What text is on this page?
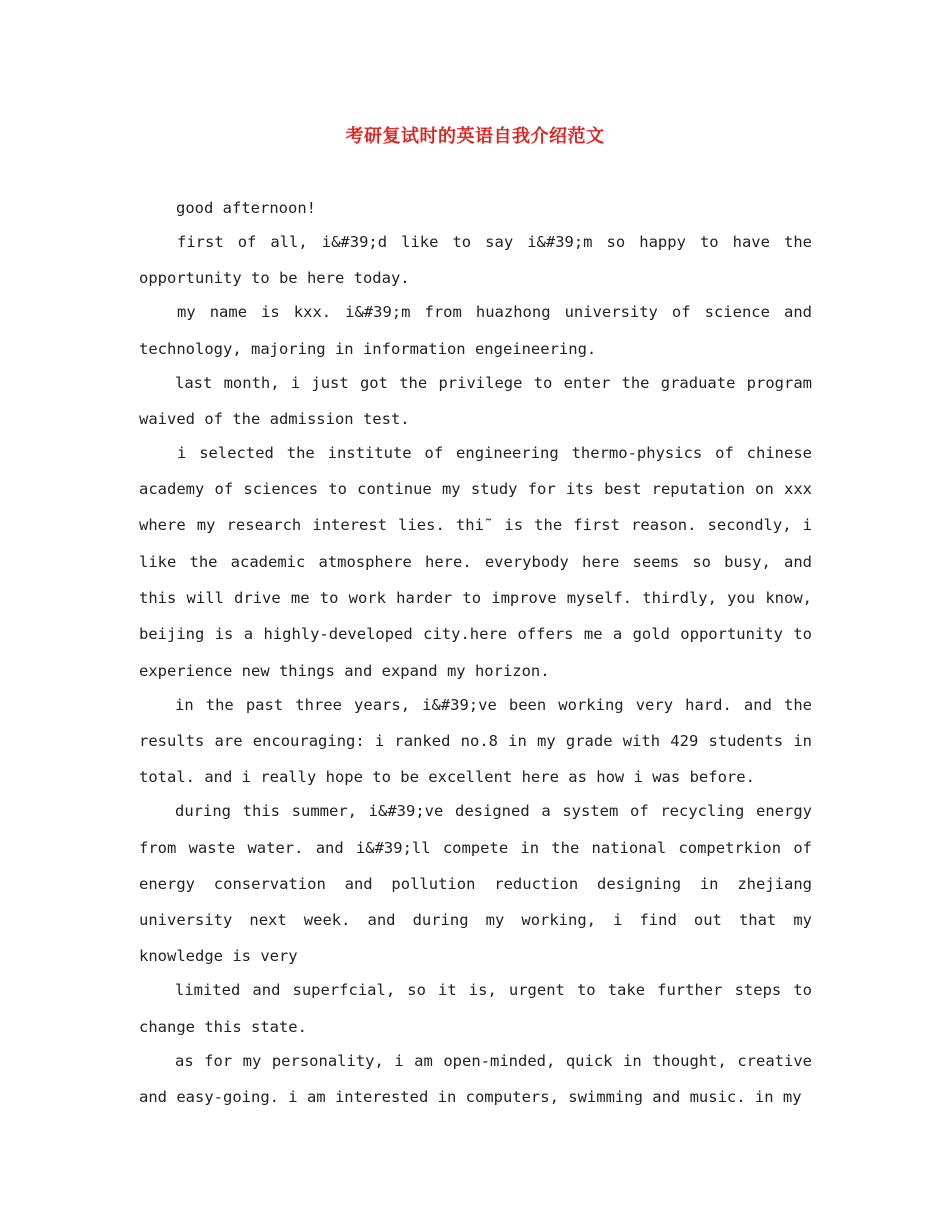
考研复试时的英语自我介绍范文

good afternoon!

first of all, i&#39;d like to say i&#39;m so happy to have the opportunity to be here today.

my name is kxx. i&#39;m from huazhong university of science and technology, majoring in information engeineering.

last month, i just got the privilege to enter the graduate program waived of the admission test.

i selected the institute of engineering thermo-physics of chinese academy of sciences to continue my study for its best reputation on xxx where my research interest lies. thi˜ is the first reason. secondly, i like the academic atmosphere here. everybody here seems so busy, and this will drive me to work harder to improve myself. thirdly, you know, beijing is a highly-developed city.here offers me a gold opportunity to experience new things and expand my horizon.

in the past three years, i&#39;ve been working very hard. and the results are encouraging: i ranked no.8 in my grade with 429 students in total. and i really hope to be excellent here as how i was before.

during this summer, i&#39;ve designed a system of recycling energy from waste water. and i&#39;ll compete in the national competrkion of energy conservation and pollution reduction designing in zhejiang university next week. and during my working, i find out that my knowledge is very

limited and superfcial, so it is, urgent to take further steps to change this state.

as for my personality, i am open-minded, quick in thought, creative and easy-going. i am interested in computers, swimming and music. in my
